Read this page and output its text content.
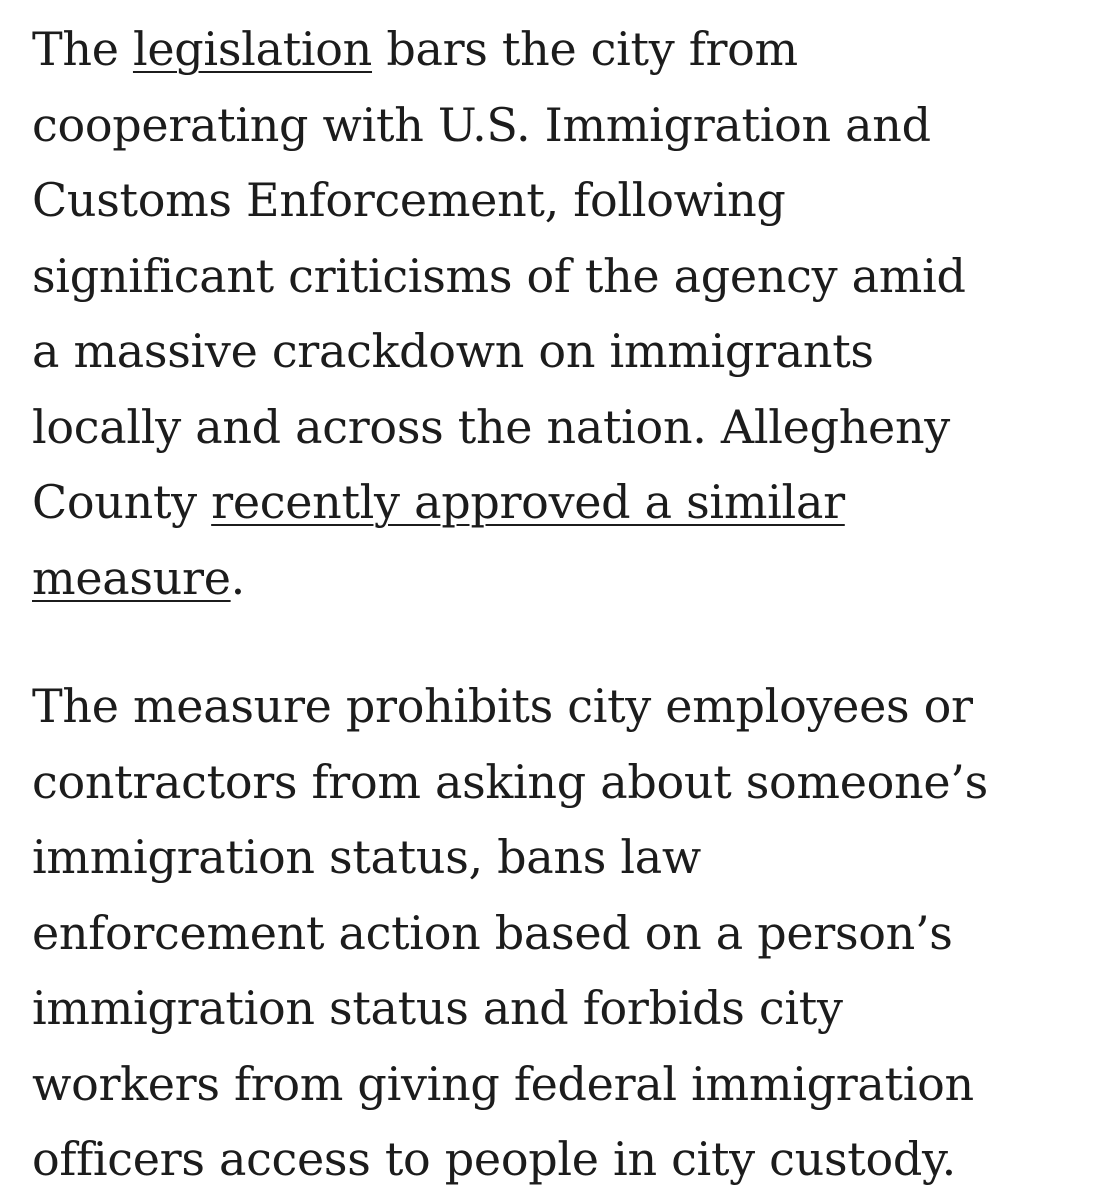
The legislation bars the city from
cooperating with U.S. Immigration and
Customs Enforcement, following
significant criticisms of the agency amid
a massive crackdown on immigrants
locally and across the nation. Allegheny
County recently approved a similar
measure.

The measure prohibits city employees or
contractors from asking about someone’s
immigration status, bans law
enforcement action based on a person’s
immigration status and forbids city
workers from giving federal immigration
officers access to people in city custody.
